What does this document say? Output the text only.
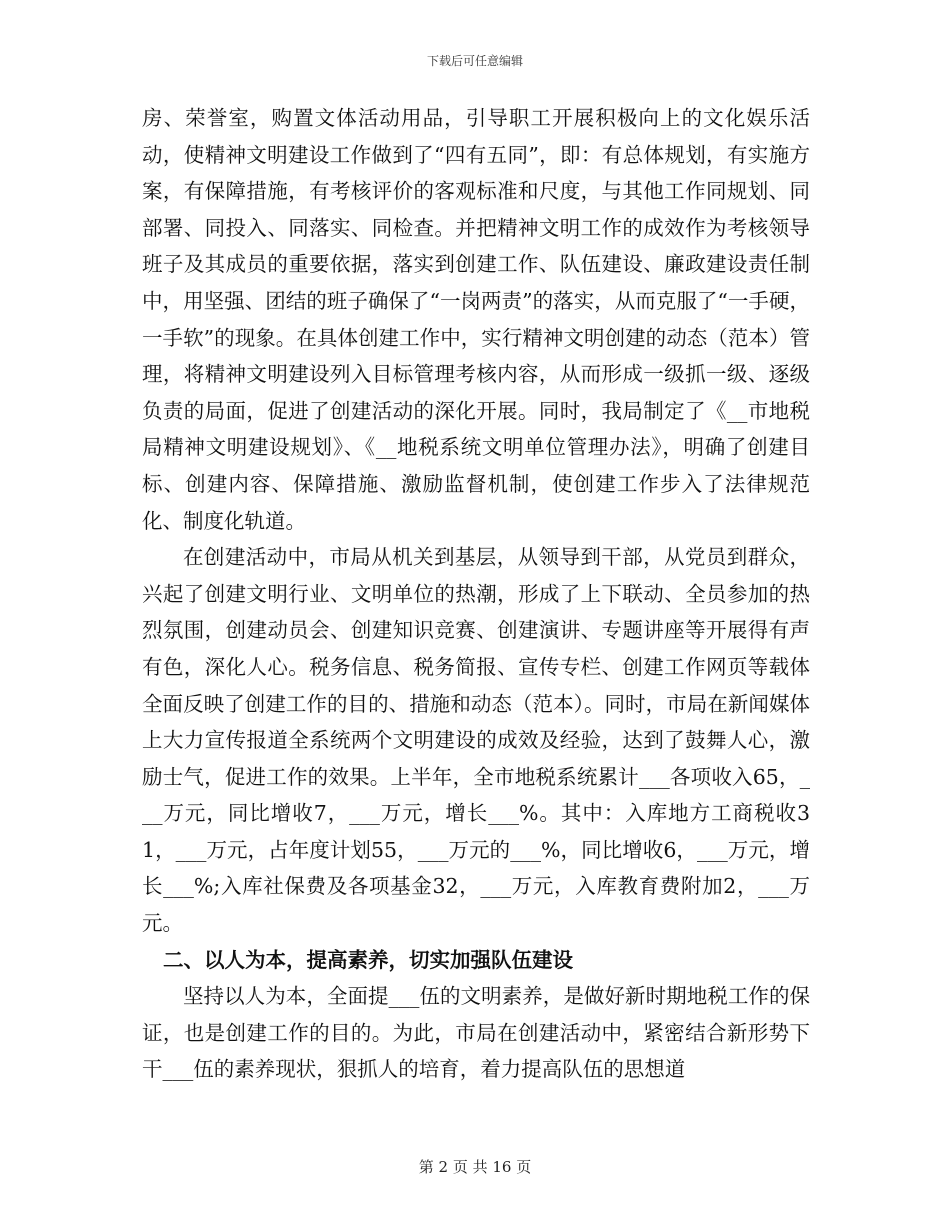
下载后可任意编辑

房、荣誉室，购置文体活动用品，引导职工开展积极向上的文化娱乐活动，使精神文明建设工作做到了“四有五同”，即：有总体规划，有实施方案，有保障措施，有考核评价的客观标准和尺度，与其他工作同规划、同部署、同投入、同落实、同检查。并把精神文明工作的成效作为考核领导班子及其成员的重要依据，落实到创建工作、队伍建设、廉政建设责任制中，用坚强、团结的班子确保了“一岗两责”的落实，从而克服了“一手硬，一手软”的现象。在具体创建工作中，实行精神文明创建的动态（范本）管理，将精神文明建设列入目标管理考核内容，从而形成一级抓一级、逐级负责的局面，促进了创建活动的深化开展。同时，我局制定了《__市地税局精神文明建设规划》、《__地税系统文明单位管理办法》，明确了创建目标、创建内容、保障措施、激励监督机制，使创建工作步入了法律规范化、制度化轨道。

在创建活动中，市局从机关到基层，从领导到干部，从党员到群众，兴起了创建文明行业、文明单位的热潮，形成了上下联动、全员参加的热烈氛围，创建动员会、创建知识竞赛、创建演讲、专题讲座等开展得有声有色，深化人心。税务信息、税务简报、宣传专栏、创建工作网页等载体全面反映了创建工作的目的、措施和动态（范本）。同时，市局在新闻媒体上大力宣传报道全系统两个文明建设的成效及经验，达到了鼓舞人心，激励士气，促进工作的效果。上半年，全市地税系统累计___各项收入65，___万元，同比增收7，___万元，增长___%。其中：入库地方工商税收31，___万元，占年度计划55，___万元的___%，同比增收6，___万元，增长___%;入库社保费及各项基金32，___万元，入库教育费附加2，___万元。

二、以人为本，提高素养，切实加强队伍建设

坚持以人为本，全面提___伍的文明素养，是做好新时期地税工作的保证，也是创建工作的目的。为此，市局在创建活动中，紧密结合新形势下干___伍的素养现状，狠抓人的培育，着力提高队伍的思想道

第 2 页 共 16 页
